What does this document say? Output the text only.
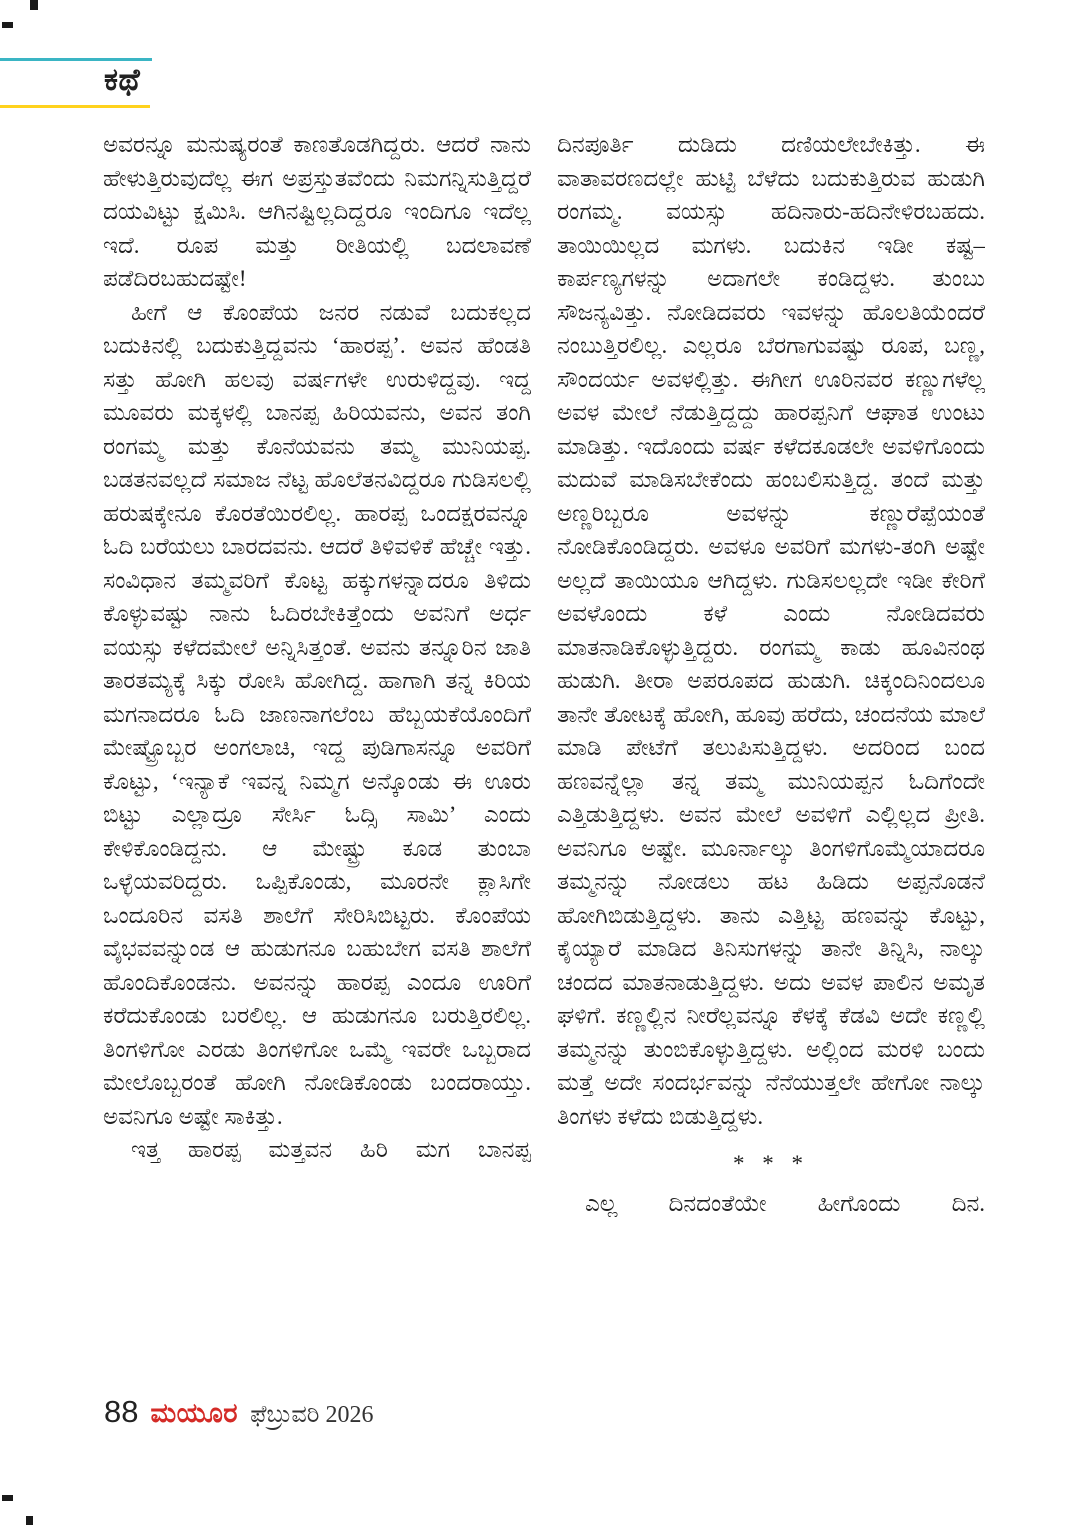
ಕಥೆ

ಅವರನ್ನೂ ಮನುಷ್ಯರಂತೆ ಕಾಣತೊಡಗಿದ್ದರು. ಆದರೆ ನಾನು ಹೇಳುತ್ತಿರುವುದೆಲ್ಲ ಈಗ ಅಪ್ರಸ್ತುತವೆಂದು ನಿಮಗನ್ನಿಸುತ್ತಿದ್ದರೆ ದಯವಿಟ್ಟು ಕ್ಷಮಿಸಿ. ಆಗಿನಷ್ಟಿಲ್ಲದಿದ್ದರೂ ಇಂದಿಗೂ ಇದೆಲ್ಲ ಇದೆ. ರೂಪ ಮತ್ತು ರೀತಿಯಲ್ಲಿ ಬದಲಾವಣೆ ಪಡೆದಿರಬಹುದಷ್ಟೇ!

ಹೀಗೆ ಆ ಕೊಂಪೆಯ ಜನರ ನಡುವೆ ಬದುಕಲ್ಲದ ಬದುಕಿನಲ್ಲಿ ಬದುಕುತ್ತಿದ್ದವನು ‘ಹಾರಪ್ಪ’. ಅವನ ಹೆಂಡತಿ ಸತ್ತು ಹೋಗಿ ಹಲವು ವರ್ಷಗಳೇ ಉರುಳಿದ್ದವು. ಇದ್ದ ಮೂವರು ಮಕ್ಕಳಲ್ಲಿ ಬಾನಪ್ಪ ಹಿರಿಯವನು, ಅವನ ತಂಗಿ ರಂಗಮ್ಮ ಮತ್ತು ಕೊನೆಯವನು ತಮ್ಮ ಮುನಿಯಪ್ಪ. ಬಡತನವಲ್ಲದೆ ಸಮಾಜ ನೆಟ್ಟ ಹೊಲೆತನವಿದ್ದರೂ ಗುಡಿಸಲಲ್ಲಿ ಹರುಷಕ್ಕೇನೂ ಕೊರತೆಯಿರಲಿಲ್ಲ. ಹಾರಪ್ಪ ಒಂದಕ್ಷರವನ್ನೂ ಓದಿ ಬರೆಯಲು ಬಾರದವನು. ಆದರೆ ತಿಳಿವಳಿಕೆ ಹೆಚ್ಚೇ ಇತ್ತು. ಸಂವಿಧಾನ ತಮ್ಮವರಿಗೆ ಕೊಟ್ಟ ಹಕ್ಕುಗಳನ್ನಾದರೂ ತಿಳಿದು ಕೊಳ್ಳುವಷ್ಟು ನಾನು ಓದಿರಬೇಕಿತ್ತೆಂದು ಅವನಿಗೆ ಅರ್ಧ ವಯಸ್ಸು ಕಳೆದಮೇಲೆ ಅನ್ನಿಸಿತ್ತಂತೆ. ಅವನು ತನ್ನೂರಿನ ಜಾತಿ ತಾರತಮ್ಯಕ್ಕೆ ಸಿಕ್ಕು ರೋಸಿ ಹೋಗಿದ್ದ. ಹಾಗಾಗಿ ತನ್ನ ಕಿರಿಯ ಮಗನಾದರೂ ಓದಿ ಜಾಣನಾಗಲೆಂಬ ಹೆಬ್ಬಯಕೆಯೊಂದಿಗೆ ಮೇಷ್ಟ್ರೊಬ್ಬರ ಅಂಗಲಾಚಿ, ಇದ್ದ ಪುಡಿಗಾಸನ್ನೂ ಅವರಿಗೆ ಕೊಟ್ಟು, ‘ಇನ್ಯಾಕೆ ಇವನ್ನ ನಿಮ್ಮಗ ಅನ್ಕೊಂಡು ಈ ಊರು ಬಿಟ್ಟು ಎಲ್ಲಾದ್ರೂ ಸೇರ್ಸಿ ಓದ್ಸಿ ಸಾಮಿ’ ಎಂದು ಕೇಳಿಕೊಂಡಿದ್ದನು. ಆ ಮೇಷ್ಟ್ರು ಕೂಡ ತುಂಬಾ ಒಳ್ಳೆಯವರಿದ್ದರು. ಒಪ್ಪಿಕೊಂಡು, ಮೂರನೇ ಕ್ಲಾಸಿಗೇ ಒಂದೂರಿನ ವಸತಿ ಶಾಲೆಗೆ ಸೇರಿಸಿಬಿಟ್ಟರು. ಕೊಂಪೆಯ ವೈಭವವನ್ನುಂಡ ಆ ಹುಡುಗನೂ ಬಹುಬೇಗ ವಸತಿ ಶಾಲೆಗೆ ಹೊಂದಿಕೊಂಡನು. ಅವನನ್ನು ಹಾರಪ್ಪ ಎಂದೂ ಊರಿಗೆ ಕರೆದುಕೊಂಡು ಬರಲಿಲ್ಲ. ಆ ಹುಡುಗನೂ ಬರುತ್ತಿರಲಿಲ್ಲ. ತಿಂಗಳಿಗೋ ಎರಡು ತಿಂಗಳಿಗೋ ಒಮ್ಮೆ ಇವರೇ ಒಬ್ಬರಾದ ಮೇಲೊಬ್ಬರಂತೆ ಹೋಗಿ ನೋಡಿಕೊಂಡು ಬಂದರಾಯ್ತು. ಅವನಿಗೂ ಅಷ್ಟೇ ಸಾಕಿತ್ತು.

ಇತ್ತ ಹಾರಪ್ಪ ಮತ್ತವನ ಹಿರಿ ಮಗ ಬಾನಪ್ಪ

ದಿನಪೂರ್ತಿ ದುಡಿದು ದಣಿಯಲೇಬೇಕಿತ್ತು. ಈ ವಾತಾವರಣದಲ್ಲೇ ಹುಟ್ಟಿ ಬೆಳೆದು ಬದುಕುತ್ತಿರುವ ಹುಡುಗಿ ರಂಗಮ್ಮ. ವಯಸ್ಸು ಹದಿನಾರು-ಹದಿನೇಳಿರಬಹದು. ತಾಯಿಯಿಲ್ಲದ ಮಗಳು. ಬದುಕಿನ ಇಡೀ ಕಷ್ಟ– ಕಾರ್ಪಣ್ಯಗಳನ್ನು ಅದಾಗಲೇ ಕಂಡಿದ್ದಳು. ತುಂಬು ಸೌಜನ್ಯವಿತ್ತು. ನೋಡಿದವರು ಇವಳನ್ನು ಹೊಲತಿಯೆಂದರೆ ನಂಬುತ್ತಿರಲಿಲ್ಲ. ಎಲ್ಲರೂ ಬೆರಗಾಗುವಷ್ಟು ರೂಪ, ಬಣ್ಣ, ಸೌಂದರ್ಯ ಅವಳಲ್ಲಿತ್ತು. ಈಗೀಗ ಊರಿನವರ ಕಣ್ಣುಗಳೆಲ್ಲ ಅವಳ ಮೇಲೆ ನೆಡುತ್ತಿದ್ದದ್ದು ಹಾರಪ್ಪನಿಗೆ ಆಘಾತ ಉಂಟು ಮಾಡಿತ್ತು. ಇದೊಂದು ವರ್ಷ ಕಳೆದಕೂಡಲೇ ಅವಳಿಗೊಂದು ಮದುವೆ ಮಾಡಿಸಬೇಕೆಂದು ಹಂಬಲಿಸುತ್ತಿದ್ದ. ತಂದೆ ಮತ್ತು ಅಣ್ಣರಿಬ್ಬರೂ ಅವಳನ್ನು ಕಣ್ಣುರೆಪ್ಪೆಯಂತೆ ನೋಡಿಕೊಂಡಿದ್ದರು. ಅವಳೂ ಅವರಿಗೆ ಮಗಳು-ತಂಗಿ ಅಷ್ಟೇ ಅಲ್ಲದೆ ತಾಯಿಯೂ ಆಗಿದ್ದಳು. ಗುಡಿಸಲಲ್ಲದೇ ಇಡೀ ಕೇರಿಗೆ ಅವಳೊಂದು ಕಳೆ ಎಂದು ನೋಡಿದವರು ಮಾತನಾಡಿಕೊಳ್ಳುತ್ತಿದ್ದರು. ರಂಗಮ್ಮ ಕಾಡು ಹೂವಿನಂಥ ಹುಡುಗಿ. ತೀರಾ ಅಪರೂಪದ ಹುಡುಗಿ. ಚಿಕ್ಕಂದಿನಿಂದಲೂ ತಾನೇ ತೋಟಕ್ಕೆ ಹೋಗಿ, ಹೂವು ಹರೆದು, ಚಂದನೆಯ ಮಾಲೆ ಮಾಡಿ ಪೇಟೆಗೆ ತಲುಪಿಸುತ್ತಿದ್ದಳು. ಅದರಿಂದ ಬಂದ ಹಣವನ್ನೆಲ್ಲಾ ತನ್ನ ತಮ್ಮ ಮುನಿಯಪ್ಪನ ಓದಿಗೆಂದೇ ಎತ್ತಿಡುತ್ತಿದ್ದಳು. ಅವನ ಮೇಲೆ ಅವಳಿಗೆ ಎಲ್ಲಿಲ್ಲದ ಪ್ರೀತಿ. ಅವನಿಗೂ ಅಷ್ಟೇ. ಮೂರ್ನಾಲ್ಕು ತಿಂಗಳಿಗೊಮ್ಮೆಯಾದರೂ ತಮ್ಮನನ್ನು ನೋಡಲು ಹಟ ಹಿಡಿದು ಅಪ್ಪನೊಡನೆ ಹೋಗಿಬಿಡುತ್ತಿದ್ದಳು. ತಾನು ಎತ್ತಿಟ್ಟ ಹಣವನ್ನು ಕೊಟ್ಟು, ಕೈಯ್ಯಾರೆ ಮಾಡಿದ ತಿನಿಸುಗಳನ್ನು ತಾನೇ ತಿನ್ನಿಸಿ, ನಾಲ್ಕು ಚಂದದ ಮಾತನಾಡುತ್ತಿದ್ದಳು. ಅದು ಅವಳ ಪಾಲಿನ ಅಮೃತ ಘಳಿಗೆ. ಕಣ್ಣಲ್ಲಿನ ನೀರೆಲ್ಲವನ್ನೂ ಕೆಳಕ್ಕೆ ಕೆಡವಿ ಅದೇ ಕಣ್ಣಲ್ಲಿ ತಮ್ಮನನ್ನು ತುಂಬಿಕೊಳ್ಳುತ್ತಿದ್ದಳು. ಅಲ್ಲಿಂದ ಮರಳಿ ಬಂದು ಮತ್ತೆ ಅದೇ ಸಂದರ್ಭವನ್ನು ನೆನೆಯುತ್ತಲೇ ಹೇಗೋ ನಾಲ್ಕು ತಿಂಗಳು ಕಳೆದು ಬಿಡುತ್ತಿದ್ದಳು.

* * *

ಎಲ್ಲ ದಿನದಂತೆಯೇ ಹೀಗೊಂದು ದಿನ.

88 ಮಯೂರ ಫೆಬ್ರುವರಿ 2026
